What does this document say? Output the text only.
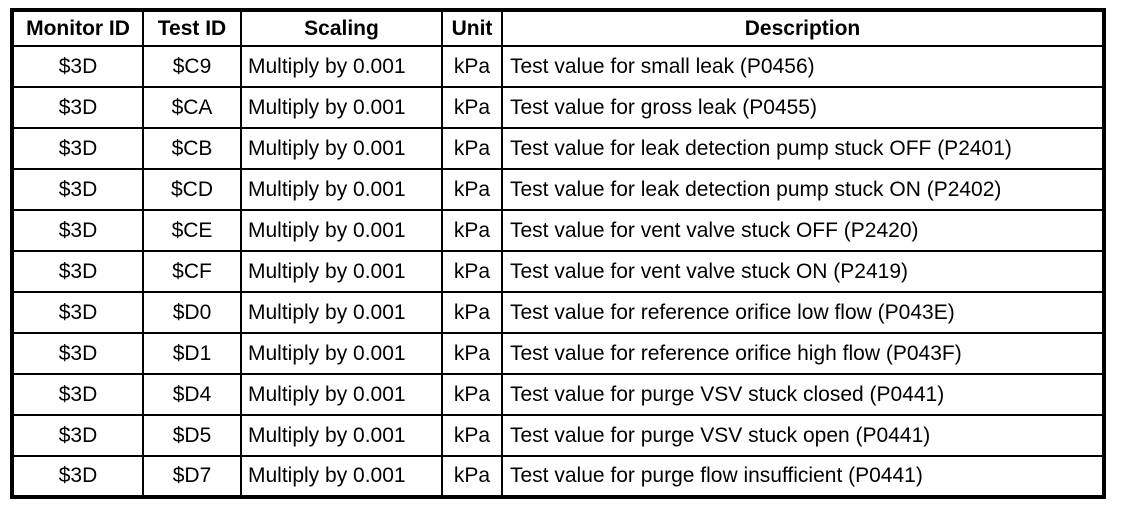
Monitor ID	Test ID	Scaling	Unit	Description
$3D	$C9	Multiply by 0.001	kPa	Test value for small leak (P0456)
$3D	$CA	Multiply by 0.001	kPa	Test value for gross leak (P0455)
$3D	$CB	Multiply by 0.001	kPa	Test value for leak detection pump stuck OFF (P2401)
$3D	$CD	Multiply by 0.001	kPa	Test value for leak detection pump stuck ON (P2402)
$3D	$CE	Multiply by 0.001	kPa	Test value for vent valve stuck OFF (P2420)
$3D	$CF	Multiply by 0.001	kPa	Test value for vent valve stuck ON (P2419)
$3D	$D0	Multiply by 0.001	kPa	Test value for reference orifice low flow (P043E)
$3D	$D1	Multiply by 0.001	kPa	Test value for reference orifice high flow (P043F)
$3D	$D4	Multiply by 0.001	kPa	Test value for purge VSV stuck closed (P0441)
$3D	$D5	Multiply by 0.001	kPa	Test value for purge VSV stuck open (P0441)
$3D	$D7	Multiply by 0.001	kPa	Test value for purge flow insufficient (P0441)
